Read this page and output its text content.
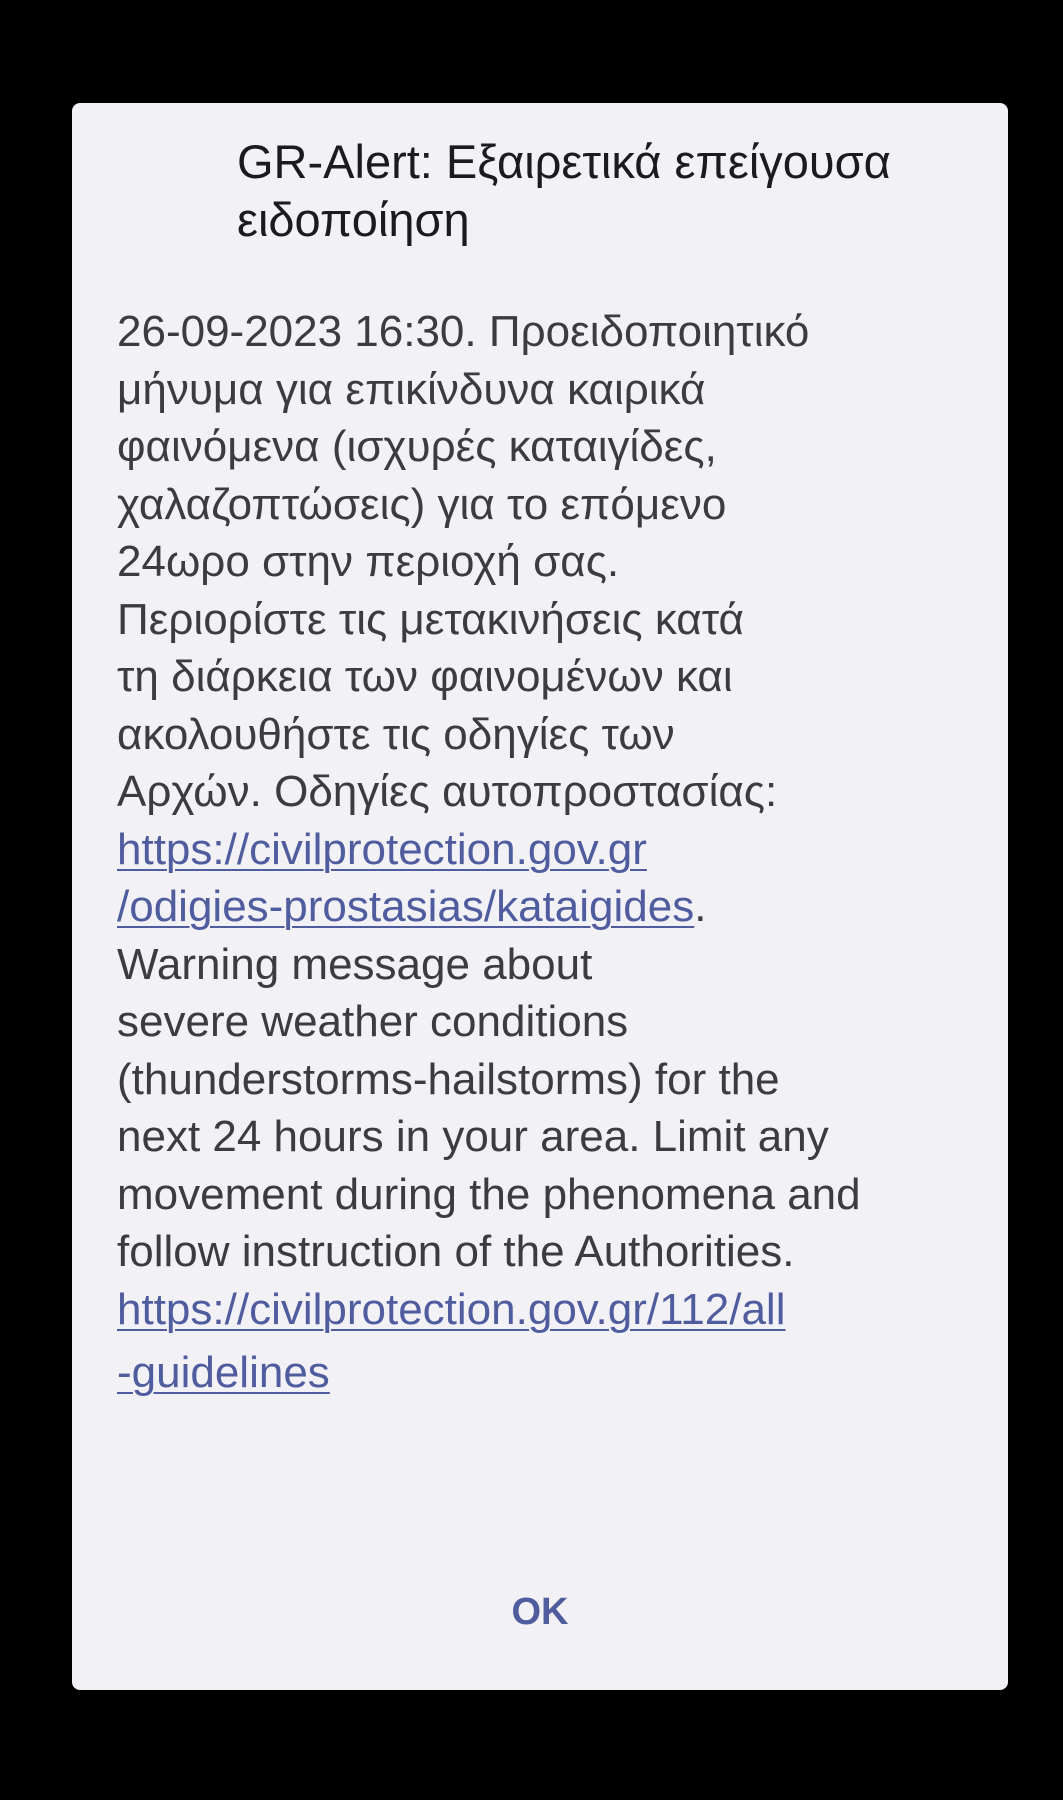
GR-Alert: Εξαιρετικά επείγουσα
ειδοποίηση
26-09-2023 16:30. Προειδοποιητικό
μήνυμα για επικίνδυνα καιρικά
φαινόμενα (ισχυρές καταιγίδες,
χαλαζοπτώσεις) για το επόμενο
24ωρο στην περιοχή σας.
Περιορίστε τις μετακινήσεις κατά
τη διάρκεια των φαινομένων και
ακολουθήστε τις οδηγίες των
Αρχών. Οδηγίες αυτοπροστασίας:
https://civilprotection.gov.gr
/odigies-prostasias/kataigides.
Warning message about
severe weather conditions
(thunderstorms-hailstorms) for the
next 24 hours in your area. Limit any
movement during the phenomena and
follow instruction of the Authorities.
https://civilprotection.gov.gr/112/all
-guidelines
OK
